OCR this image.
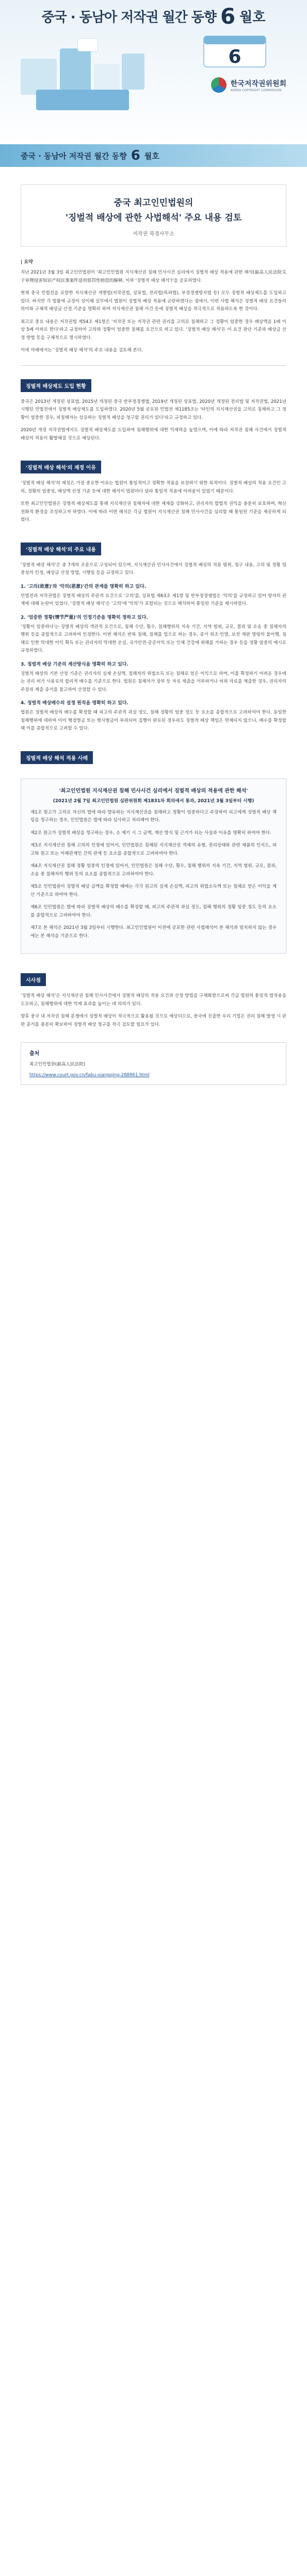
중국 · 동남아 저작권 월간 동향 6 월호
6
한국저작권위원회
KOREA COPYRIGHT COMMISSION
중국 · 동남아 저작권 월간 동향 6 월호
중국 최고인민법원의
'징벌적 배상에 관한 사법해석' 주요 내용 검토
저작권 북경사무소
| 요약

지난 2021년 3월 3일 최고인민법원이 '최고인민법원 지식재산권 침해 민사사건 심리에서 징벌적 배상 적용에 관한 해석(最高人民法院关于审理侵害知识产权民事案件适用惩罚性赔偿的解释, 이하 '징벌적 배상 해석')'을 공포하였다.

현재 중국 민법전을 포함한 지식재산권 개별법(저작권법, 상표법, 전리법(특허법), 부정경쟁방지법 등) 모두 징벌적 배상제도를 도입하고 있다. 하지만 각 법률에 규정이 상이해 실무에서 법원이 징벌적 배상 적용에 곤란하였다는 점에서, 이번 사법 해석은 징벌적 배상 요건들의 의미와 구체적 배상금 산정 기준을 명확히 하여 지식재산권 침해 사건 등에 징벌적 배상을 적극적으로 적용하도록 한 것이다.

최고로 중요 내용은 저작권법 제54조 제1항은 '저작권 또는 저작권 관련 권리를 고의로 침해하고 그 정황이 엄중한 경우 배상액을 1배 이상 5배 이하로 한다'라고 규정하여 고의와 정황이 엄중한 침해를 요건으로 하고 있다. '징벌적 배상 해석'은 이 요건 판단 기준과 배상금 산정 방법 등을 구체적으로 명시하였다.

이에 아래에서는 '징벌적 배상 해석'의 주요 내용을 검토해 본다.

징벌적 배상제도 도입 현황

중국은 2013년 개정된 상표법, 2015년 개정된 중국 반부정경쟁법, 2019년 개정된 상표법, 2020년 개정된 전리법 및 저작권법, 2021년 시행된 민법전에서 징벌적 배상제도를 도입하였다. 2020년 5월 공포된 민법전 제1185조는 '타인의 지식재산권을 고의로 침해하고 그 정황이 엄중한 경우, 피침해자는 상응하는 징벌적 배상을 청구할 권리가 있다'라고 규정하고 있다.

2020년 개정 저작권법에서도 징벌적 배상제도를 도입하여 침해행위에 대한 억제력을 높였으며, 이에 따라 저작권 침해 사건에서 징벌적 배상의 적용이 활발해질 것으로 예상된다.

'징벌적 배상 해석'의 제정 이유

'징벌적 배상 해석'의 제정은 가장 중요한 이유는 법원이 통일적이고 정확한 적용을 보장하기 위한 목적이다. 징벌적 배상의 적용 요건인 고의, 정황의 엄중성, 배상액 산정 기준 등에 대한 해석이 법원마다 달라 통일적 적용에 어려움이 있었기 때문이다.

또한 최고인민법원은 징벌적 배상제도를 통해 지식재산권 침해자에 대한 제재를 강화하고, 권리자의 합법적 권익을 충분히 보호하며, 혁신 친화적 환경을 조성하고자 하였다. 이에 따라 이번 해석은 각급 법원이 지식재산권 침해 민사사건을 심리할 때 통일된 기준을 제공하게 되었다.

'징벌적 배상 해석'의 주요 내용

'징벌적 배상 해석'은 총 7개의 조문으로 구성되어 있으며, 지식재산권 민사사건에서 징벌적 배상의 적용 범위, 청구 내용, 고의 및 정황 엄중성의 인정, 배상금 산정 방법, 시행일 등을 규정하고 있다.

1. '고의(故意)'와 '악의(恶意)'간의 관계를 명확히 하고 있다.

민법전과 저작권법은 징벌적 배상의 주관적 요건으로 '고의'를, 상표법 제63조 제1항 및 반부정경쟁법은 '악의'를 규정하고 있어 양자의 관계에 대해 논란이 있었다. '징벌적 배상 해석'은 '고의'에 '악의'가 포함되는 것으로 해석하여 통일된 기준을 제시하였다.

2. '엄중한 정황(情节严重)'의 인정기준을 명확히 정하고 있다.

'정황이 엄중하다'는 징벌적 배상의 객관적 요건으로, 침해 수단, 횟수, 침해행위의 지속 기간, 지역 범위, 규모, 결과 및 소송 중 침해자의 행위 등을 종합적으로 고려하여 인정한다. 이번 해석은 반복 침해, 침해를 업으로 하는 경우, 증거 위조·인멸, 보전 재판 명령의 불이행, 침해로 인한 막대한 이익 획득 또는 권리자의 막대한 손실, 국가안전·공공이익 또는 인체 건강에 위해를 가하는 경우 등을 정황 엄중의 예시로 규정하였다.

3. 징벌적 배상 기준의 계산방식을 명확히 하고 있다.

징벌적 배상의 기본 산정 기준은 권리자의 실제 손실액, 침해자의 위법소득 또는 침해로 얻은 이익으로 하며, 이를 확정하기 어려운 경우에는 권리 허가 사용료의 합리적 배수를 기준으로 한다. 법원은 침해자가 장부 등 자료 제출을 거부하거나 허위 자료를 제출한 경우, 권리자의 주장과 제출 증거를 참고하여 산정할 수 있다.

4. 징벌적 배상배수의 설정 원칙을 명확히 하고 있다.

법원은 징벌적 배상의 배수를 확정할 때 피고의 주관적 과실 정도, 침해 정황의 엄중 정도 등 요소를 종합적으로 고려하여야 한다. 동일한 침해행위에 대하여 이미 행정벌금 또는 형사벌금이 부과되어 집행이 완료된 경우라도 징벌적 배상 책임은 면제되지 않으나, 배수를 확정할 때 이를 종합적으로 고려할 수 있다.

징벌적 배상 해석 적용 사례
'최고인민법원 지식재산권 침해 민사사건 심리에서 징벌적 배상의 적용에 관한 해석'
(2021년 2월 7일 최고인민법원 심판위원회 제1831차 회의에서 통과, 2021년 3월 3일부터 시행)

제1조 원고가 고의로 자신의 법에 따라 향유하는 지식재산권을 침해하고 정황이 엄중하다고 주장하여 피고에게 징벌적 배상 책임을 청구하는 경우, 인민법원은 법에 따라 심사하고 처리해야 한다.

제2조 원고가 징벌적 배상을 청구하는 경우, 소 제기 시 그 금액, 계산 방식 및 근거가 되는 사실과 이유를 명확히 하여야 한다.

제3조 지식재산권 침해 고의의 인정에 있어서, 인민법원은 침해된 지식재산권 객체의 유형, 권리상태와 관련 제품의 인지도, 피고와 원고 또는 이해관계인 간의 관계 등 요소를 종합적으로 고려하여야 한다.

제4조 지식재산권 침해 정황 엄중의 인정에 있어서, 인민법원은 침해 수단, 횟수, 침해 행위의 지속 기간, 지역 범위, 규모, 결과, 소송 중 침해자의 행위 등의 요소를 종합적으로 고려하여야 한다.

제5조 인민법원이 징벌적 배상 금액을 확정할 때에는 각각 원고의 실제 손실액, 피고의 위법소득액 또는 침해로 얻은 이익을 계산 기준으로 하여야 한다.

제6조 인민법원은 법에 따라 징벌적 배상의 배수를 확정할 때, 피고의 주관적 과실 정도, 침해 행위의 정황 엄중 정도 등의 요소를 종합적으로 고려하여야 한다.

제7조 본 해석은 2021년 3월 3일부터 시행한다. 최고인민법원이 이전에 공포한 관련 사법해석이 본 해석과 일치하지 않는 경우에는 본 해석을 기준으로 한다.

시사점

'징벌적 배상 해석'은 지식재산권 침해 민사사건에서 징벌적 배상의 적용 요건과 산정 방법을 구체화함으로써 각급 법원의 통일적 법적용을 도모하고, 침해행위에 대한 억제 효과를 높이는 데 의의가 있다.

향후 중국 내 저작권 침해 분쟁에서 징벌적 배상이 적극적으로 활용될 것으로 예상되므로, 중국에 진출한 우리 기업은 권리 침해 발생 시 관련 증거를 충분히 확보하여 징벌적 배상 청구를 적극 검토할 필요가 있다.

출처
최고인민법원(最高人民法院)
https://www.court.gov.cn/fabu-xiangqing-288861.html
